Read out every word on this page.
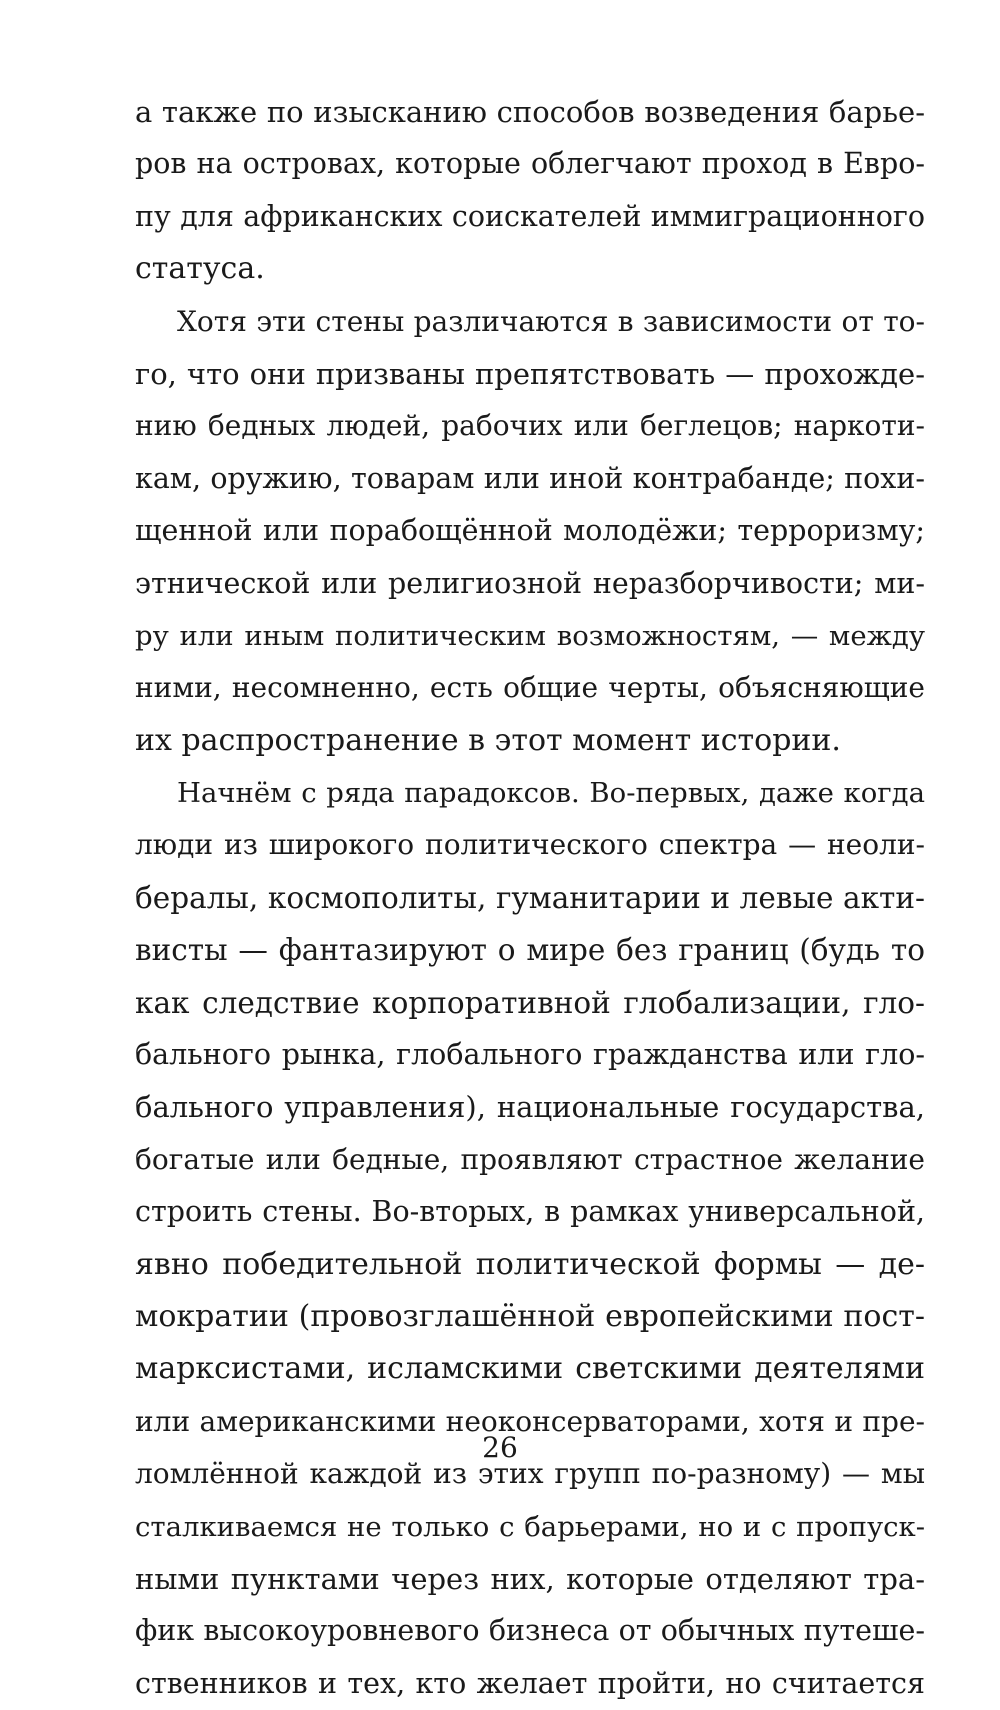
а также по изысканию способов возведения барье-
ров на островах, которые облегчают проход в Евро-
пу для африканских соискателей иммиграционного
статуса.
Хотя эти стены различаются в зависимости от то-
го, что они призваны препятствовать — прохожде-
нию бедных людей, рабочих или беглецов; наркоти-
кам, оружию, товарам или иной контрабанде; похи-
щенной или порабощённой молодёжи; терроризму;
этнической или религиозной неразборчивости; ми-
ру или иным политическим возможностям, — между
ними, несомненно, есть общие черты, объясняющие
их распространение в этот момент истории.
Начнём с ряда парадоксов. Во-первых, даже когда
люди из широкого политического спектра — неоли-
бералы, космополиты, гуманитарии и левые акти-
висты — фантазируют о мире без границ (будь то
как следствие корпоративной глобализации, гло-
бального рынка, глобального гражданства или гло-
бального управления), национальные государства,
богатые или бедные, проявляют страстное желание
строить стены. Во-вторых, в рамках универсальной,
явно победительной политической формы — де-
мократии (провозглашённой европейскими пост-
марксистами, исламскими светскими деятелями
или американскими неоконсерваторами, хотя и пре-
ломлённой каждой из этих групп по-разному) — мы
сталкиваемся не только с барьерами, но и с пропуск-
ными пунктами через них, которые отделяют тра-
фик высокоуровневого бизнеса от обычных путеше-
ственников и тех, кто желает пройти, но считается
26
